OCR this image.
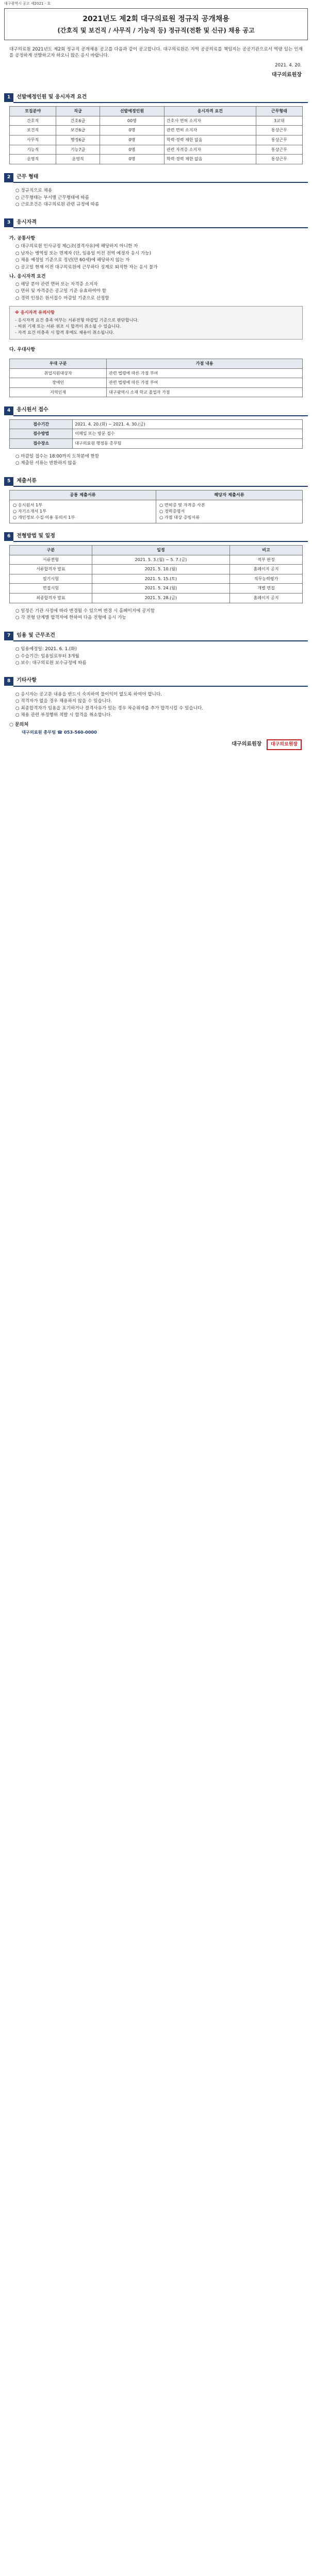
대구광역시 공고 제2021 - 호
2021년도 제2회 대구의료원 정규직 공개채용
(간호직 및 보건직 / 사무직 / 기능직 등) 정규직(전환 및 신규) 채용 공고
대구의료원 2021년도 제2회 정규직 공개채용 공고를 다음과 같이 공고합니다. 대구의료원은 지역 공공의료를 책임지는 공공기관으로서 역량 있는 인재를 공정하게 선발하고자 하오니 많은 응시 바랍니다.
2021. 4. 20.
대구의료원장
1	선발예정인원 및 응시자격 요건
모집분야	직급	선발예정인원	응시자격 요건	근무형태
간호직	간호6급	00명	간호사 면허 소지자	3교대
보건직	보건6급	0명	관련 면허 소지자	통상근무
사무직	행정6급	0명	학력·경력 제한 없음	통상근무
기능직	기능7급	0명	관련 자격증 소지자	통상근무
운영직	운영직	0명	학력·경력 제한 없음	통상근무
2	근무 형태
○ 정규직으로 채용
○ 근무형태는 부서별 근무형태에 따름
○ 근로조건은 대구의료원 관련 규정에 따름
3	응시자격
가. 공통사항
○ 대구의료원 인사규정 제○조(결격사유)에 해당하지 아니한 자
○ 남자는 병역필 또는 면제자 (단, 임용일 이전 전역 예정자 응시 가능)
○ 채용 예정일 기준으로 정년(만 60세)에 해당하지 않는 자
○ 공고일 현재 이전 대구의료원에 근무하다 징계로 퇴직한 자는 응시 불가
나. 응시자격 요건
○ 해당 분야 관련 면허 또는 자격증 소지자
○ 면허 및 자격증은 공고일 기준 유효하여야 함
○ 경력 인정은 원서접수 마감일 기준으로 산정함
※ 응시자격 유의사항
- 응시자격 요건 충족 여부는 서류전형 마감일 기준으로 판단합니다.
- 허위 기재 또는 서류 위조 시 합격이 취소될 수 있습니다.
- 자격 요건 미충족 시 합격 후에도 채용이 취소됩니다.
다. 우대사항
우대 구분	가점 내용
취업지원대상자	관련 법령에 따른 가점 부여
장애인	관련 법령에 따른 가점 부여
지역인재	대구광역시 소재 학교 졸업자 가점
4	응시원서 접수
접수기간	2021. 4. 20.(화) ~ 2021. 4. 30.(금)
접수방법	이메일 또는 방문 접수
접수장소	대구의료원 행정동 총무팀
○ 마감일 접수는 18:00까지 도착분에 한함
○ 제출된 서류는 반환하지 않음
5	제출서류
공통 제출서류
○ 응시원서 1부
○ 자기소개서 1부
○ 개인정보 수집·이용 동의서 1부
해당자 제출서류
○ 면허증 및 자격증 사본
○ 경력증명서
○ 가점 대상 증빙서류
6	전형방법 및 일정
구분	일정	비고
서류전형	2021. 5. 3.(월) ~ 5. 7.(금)	적부 판정
서류합격자 발표	2021. 5. 10.(월)	홈페이지 공지
필기시험	2021. 5. 15.(토)	직무능력평가
면접시험	2021. 5. 24.(월)	개별 면접
최종합격자 발표	2021. 5. 28.(금)	홈페이지 공지
○ 일정은 기관 사정에 따라 변경될 수 있으며 변경 시 홈페이지에 공지함
○ 각 전형 단계별 합격자에 한하여 다음 전형에 응시 가능
7	임용 및 근무조건
○ 임용예정일: 2021. 6. 1.(화)
○ 수습기간: 임용일로부터 3개월
○ 보수: 대구의료원 보수규정에 따름
8	기타사항
○ 응시자는 공고문 내용을 반드시 숙지하여 불이익이 없도록 하여야 합니다.
○ 적격자가 없을 경우 채용하지 않을 수 있습니다.
○ 최종합격자가 임용을 포기하거나 결격사유가 있는 경우 차순위자를 추가 합격시킬 수 있습니다.
○ 채용 관련 부정행위 적발 시 합격을 취소합니다.
○ 문의처
대구의료원 총무팀 ☎ 053-560-0000
대구의료원장 대구의료원장
